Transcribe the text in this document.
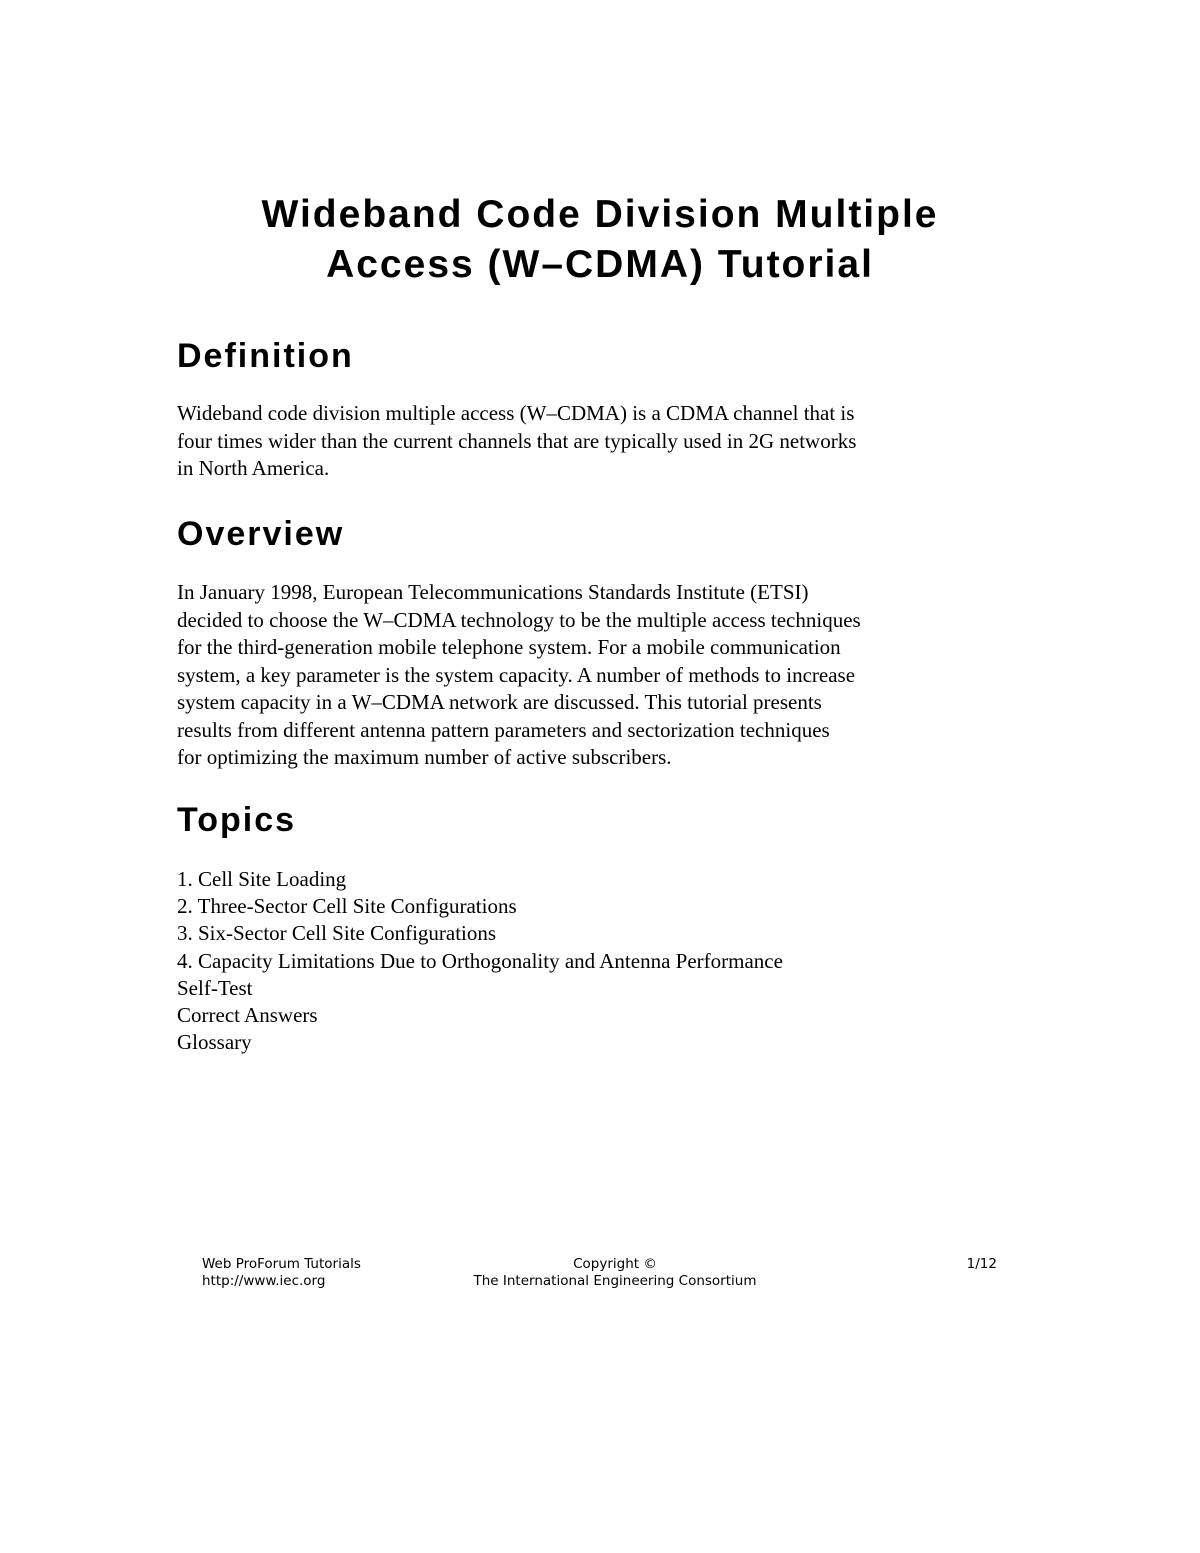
Wideband Code Division Multiple
Access (W–CDMA) Tutorial
Definition
Wideband code division multiple access (W–CDMA) is a CDMA channel that is
four times wider than the current channels that are typically used in 2G networks
in North America.
Overview
In January 1998, European Telecommunications Standards Institute (ETSI)
decided to choose the W–CDMA technology to be the multiple access techniques
for the third-generation mobile telephone system. For a mobile communication
system, a key parameter is the system capacity. A number of methods to increase
system capacity in a W–CDMA network are discussed. This tutorial presents
results from different antenna pattern parameters and sectorization techniques
for optimizing the maximum number of active subscribers.
Topics
1. Cell Site Loading
2. Three-Sector Cell Site Configurations
3. Six-Sector Cell Site Configurations
4. Capacity Limitations Due to Orthogonality and Antenna Performance
Self-Test
Correct Answers
Glossary
Web ProForum Tutorials
http://www.iec.org
Copyright ©
The International Engineering Consortium
1/12
